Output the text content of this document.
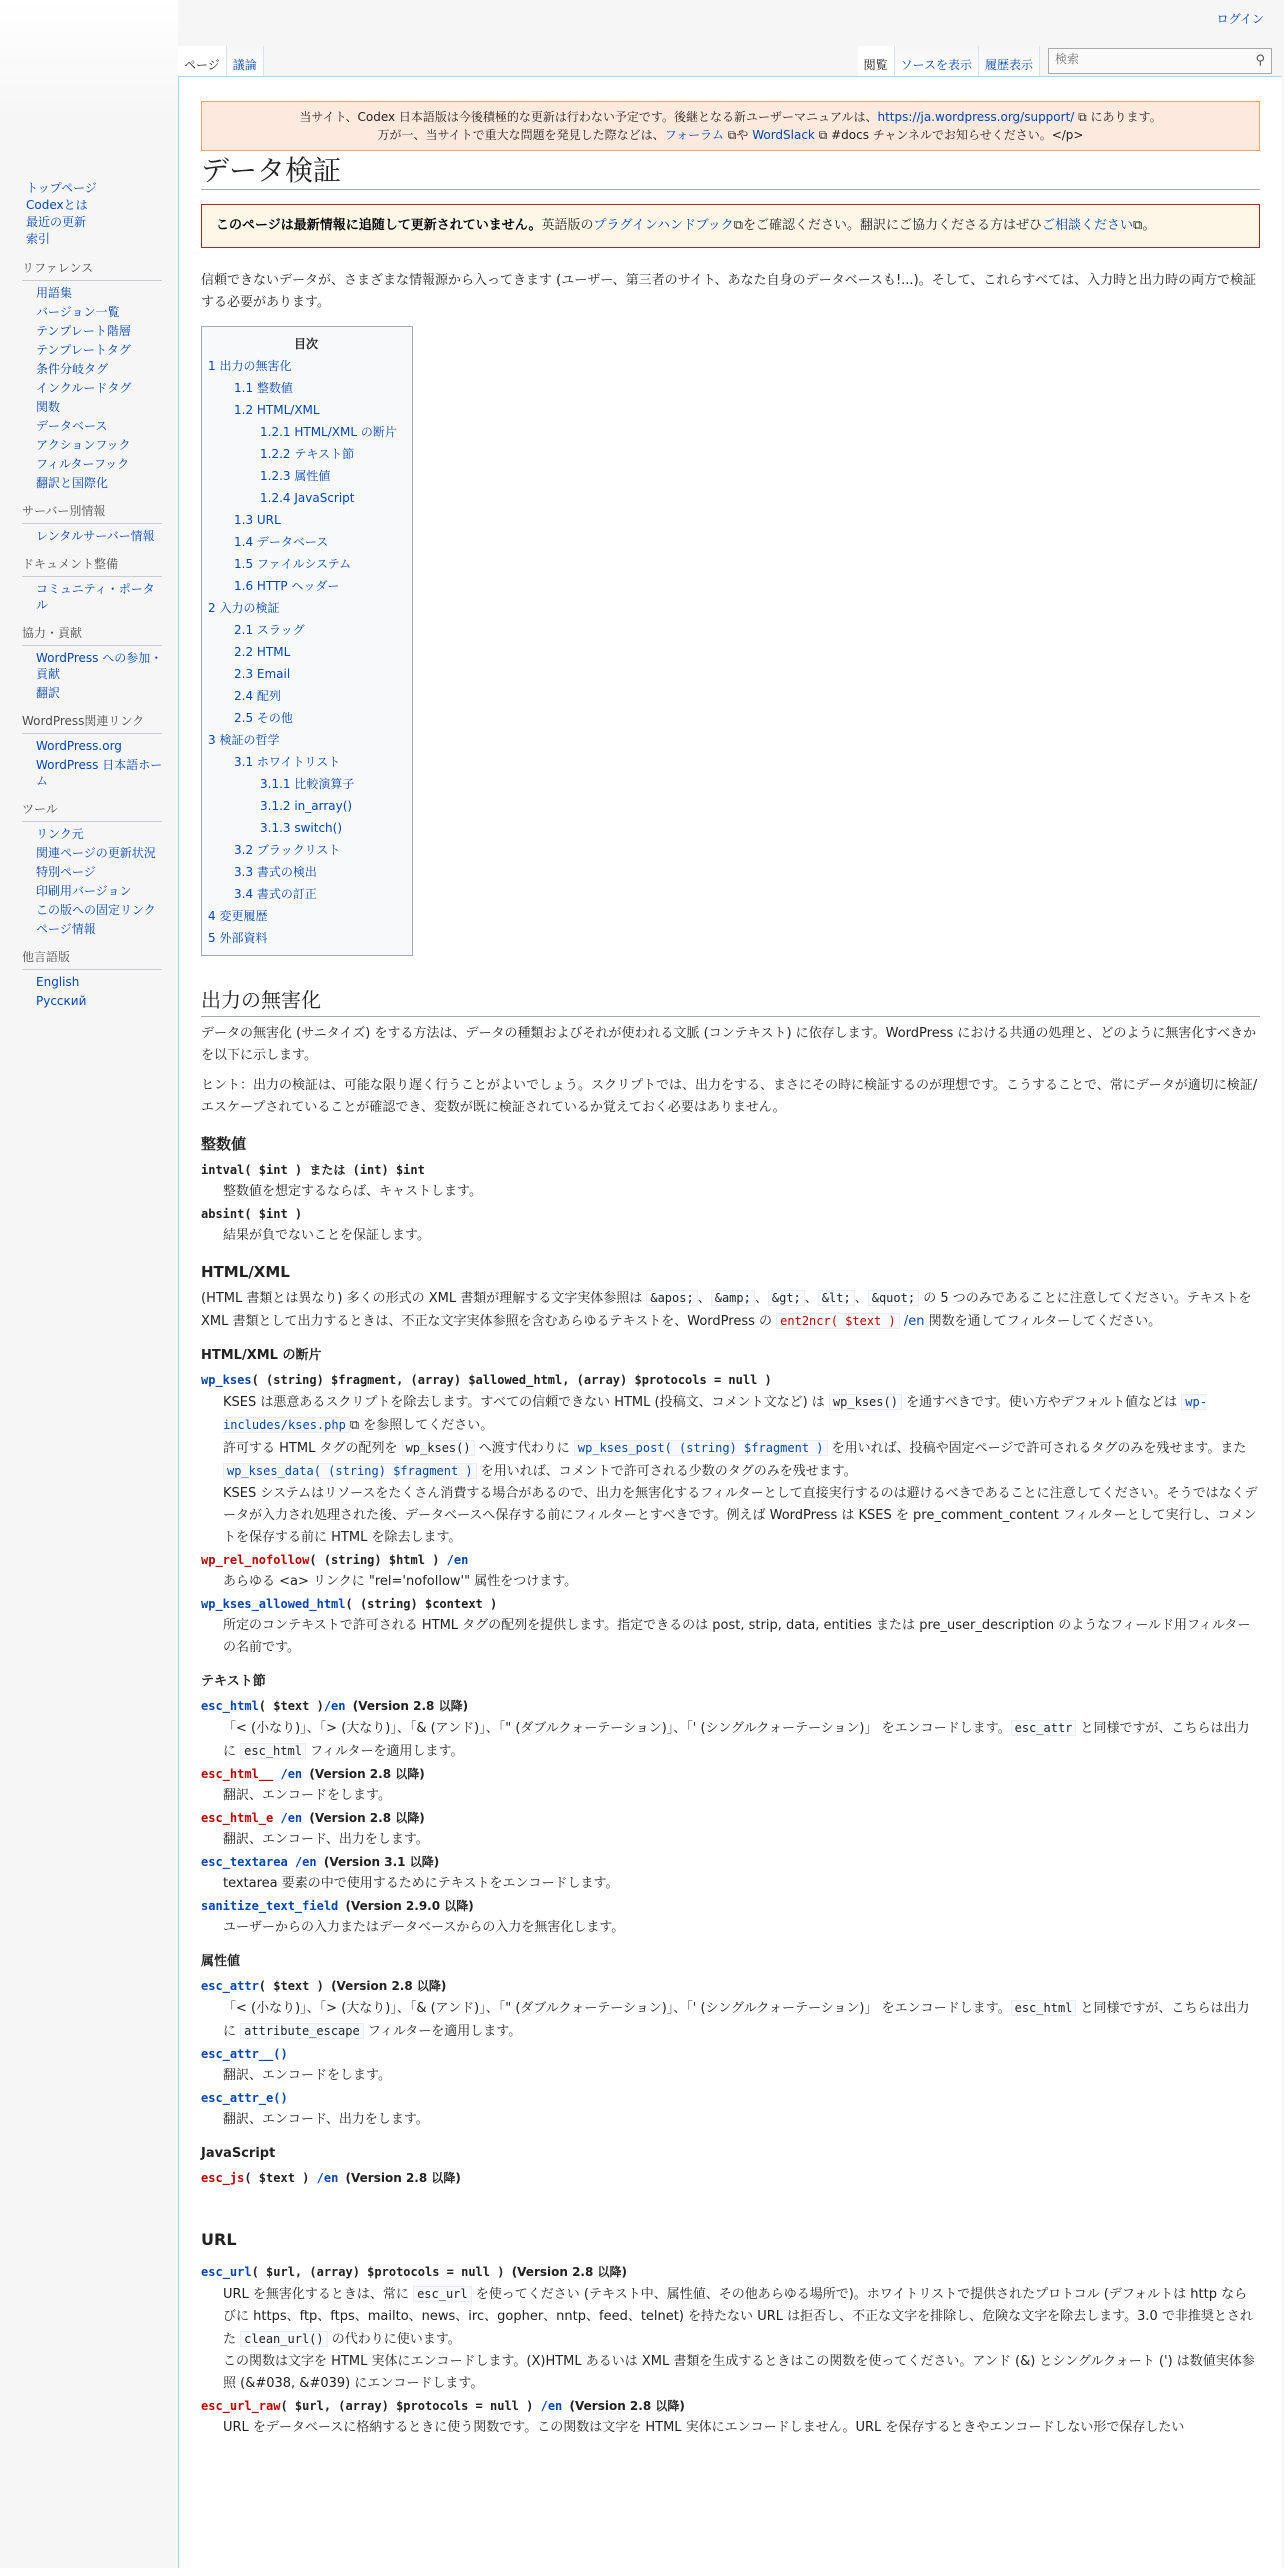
ログイン
トップページ
Codexとは
最近の更新
索引
リファレンス
用語集
バージョン一覧
テンプレート階層
テンプレートタグ
条件分岐タグ
インクルードタグ
関数
データベース
アクションフック
フィルターフック
翻訳と国際化
サーバー別情報
レンタルサーバー情報
ドキュメント整備
コミュニティ・ポータル
協力・貢献
WordPress への参加・貢献
翻訳
WordPress関連リンク
WordPress.org
WordPress 日本語ホーム
ツール
リンク元
関連ページの更新状況
特別ページ
印刷用バージョン
この版への固定リンク
ページ情報
他言語版
English
Русский
ページ	議論	閲覧	ソースを表示	履歴表示
検索	⚲
当サイト、Codex 日本語版は今後積極的な更新は行わない予定です。後継となる新ユーザーマニュアルは、https://ja.wordpress.org/support/ ⧉ にあります。
万が一、当サイトで重大な問題を発見した際などは、フォーラム ⧉や WordSlack ⧉ #docs チャンネルでお知らせください。</p>
データ検証
このページは最新情報に追随して更新されていません。英語版のプラグインハンドブック⧉をご確認ください。翻訳にご協力くださる方はぜひご相談ください⧉。

信頼できないデータが、さまざまな情報源から入ってきます (ユーザー、第三者のサイト、あなた自身のデータベースも!...)。そして、これらすべては、入力時と出力時の両方で検証する必要があります。

目次
1 出力の無害化
1.1 整数値
1.2 HTML/XML
1.2.1 HTML/XML の断片
1.2.2 テキスト節
1.2.3 属性値
1.2.4 JavaScript
1.3 URL
1.4 データベース
1.5 ファイルシステム
1.6 HTTP ヘッダー
2 入力の検証
2.1 スラッグ
2.2 HTML
2.3 Email
2.4 配列
2.5 その他
3 検証の哲学
3.1 ホワイトリスト
3.1.1 比較演算子
3.1.2 in_array()
3.1.3 switch()
3.2 ブラックリスト
3.3 書式の検出
3.4 書式の訂正
4 変更履歴
5 外部資料
出力の無害化

データの無害化 (サニタイズ) をする方法は、データの種類およびそれが使われる文脈 (コンテキスト) に依存します。WordPress における共通の処理と、どのように無害化すべきかを以下に示します。

ヒント：出力の検証は、可能な限り遅く行うことがよいでしょう。スクリプトでは、出力をする、まさにその時に検証するのが理想です。こうすることで、常にデータが適切に検証/エスケープされていることが確認でき、変数が既に検証されているか覚えておく必要はありません。

整数値
intval( $int ) または (int) $int
整数値を想定するならば、キャストします。
absint( $int )
結果が負でないことを保証します。
HTML/XML

(HTML 書類とは異なり) 多くの形式の XML 書類が理解する文字実体参照は &apos; 、 &amp; 、 &gt; 、 &lt; 、 &quot; の 5 つのみであることに注意してください。テキストを XML 書類として出力するときは、不正な文字実体参照を含むあらゆるテキストを、WordPress の ent2ncr( $text ) /en 関数を通してフィルターしてください。

HTML/XML の断片
wp_kses( (string) $fragment, (array) $allowed_html, (array) $protocols = null )
KSES は悪意あるスクリプトを除去します。すべての信頼できない HTML (投稿文、コメント文など) は wp_kses() を通すべきです。使い方やデフォルト値などは wp-includes/kses.php ⧉ を参照してください。
許可する HTML タグの配列を wp_kses() へ渡す代わりに wp_kses_post( (string) $fragment ) を用いれば、投稿や固定ページで許可されるタグのみを残せます。また wp_kses_data( (string) $fragment ) を用いれば、コメントで許可される少数のタグのみを残せます。
KSES システムはリソースをたくさん消費する場合があるので、出力を無害化するフィルターとして直接実行するのは避けるべきであることに注意してください。そうではなくデータが入力され処理された後、データベースへ保存する前にフィルターとすべきです。例えば WordPress は KSES を pre_comment_content フィルターとして実行し、コメントを保存する前に HTML を除去します。
wp_rel_nofollow( (string) $html ) /en
あらゆる <a> リンクに "rel='nofollow'" 属性をつけます。
wp_kses_allowed_html( (string) $context )
所定のコンテキストで許可される HTML タグの配列を提供します。指定できるのは post, strip, data, entities または pre_user_description のようなフィールド用フィルターの名前です。
テキスト節
esc_html( $text )/en (Version 2.8 以降)
「< (小なり)」、「> (大なり)」、「& (アンド)」、「" (ダブルクォーテーション)」、「' (シングルクォーテーション)」 をエンコードします。 esc_attr と同様ですが、こちらは出力に esc_html フィルターを適用します。
esc_html__ /en (Version 2.8 以降)
翻訳、エンコードをします。
esc_html_e /en (Version 2.8 以降)
翻訳、エンコード、出力をします。
esc_textarea /en (Version 3.1 以降)
textarea 要素の中で使用するためにテキストをエンコードします。
sanitize_text_field (Version 2.9.0 以降)
ユーザーからの入力またはデータベースからの入力を無害化します。
属性値
esc_attr( $text ) (Version 2.8 以降)
「< (小なり)」、「> (大なり)」、「& (アンド)」、「" (ダブルクォーテーション)」、「' (シングルクォーテーション)」 をエンコードします。 esc_html と同様ですが、こちらは出力に attribute_escape フィルターを適用します。
esc_attr__()
翻訳、エンコードをします。
esc_attr_e()
翻訳、エンコード、出力をします。
JavaScript
esc_js( $text ) /en (Version 2.8 以降)
URL
esc_url( $url, (array) $protocols = null ) (Version 2.8 以降)
URL を無害化するときは、常に esc_url を使ってください (テキスト中、属性値、その他あらゆる場所で)。ホワイトリストで提供されたプロトコル (デフォルトは http ならびに https、ftp、ftps、mailto、news、irc、gopher、nntp、feed、telnet) を持たない URL は拒否し、不正な文字を排除し、危険な文字を除去します。3.0 で非推奨とされた clean_url() の代わりに使います。
この関数は文字を HTML 実体にエンコードします。(X)HTML あるいは XML 書類を生成するときはこの関数を使ってください。アンド (&) とシングルクォート (') は数値実体参照 (&#038, &#039) にエンコードします。
esc_url_raw( $url, (array) $protocols = null ) /en (Version 2.8 以降)
URL をデータベースに格納するときに使う関数です。この関数は文字を HTML 実体にエンコードしません。URL を保存するときやエンコードしない形で保存したい
